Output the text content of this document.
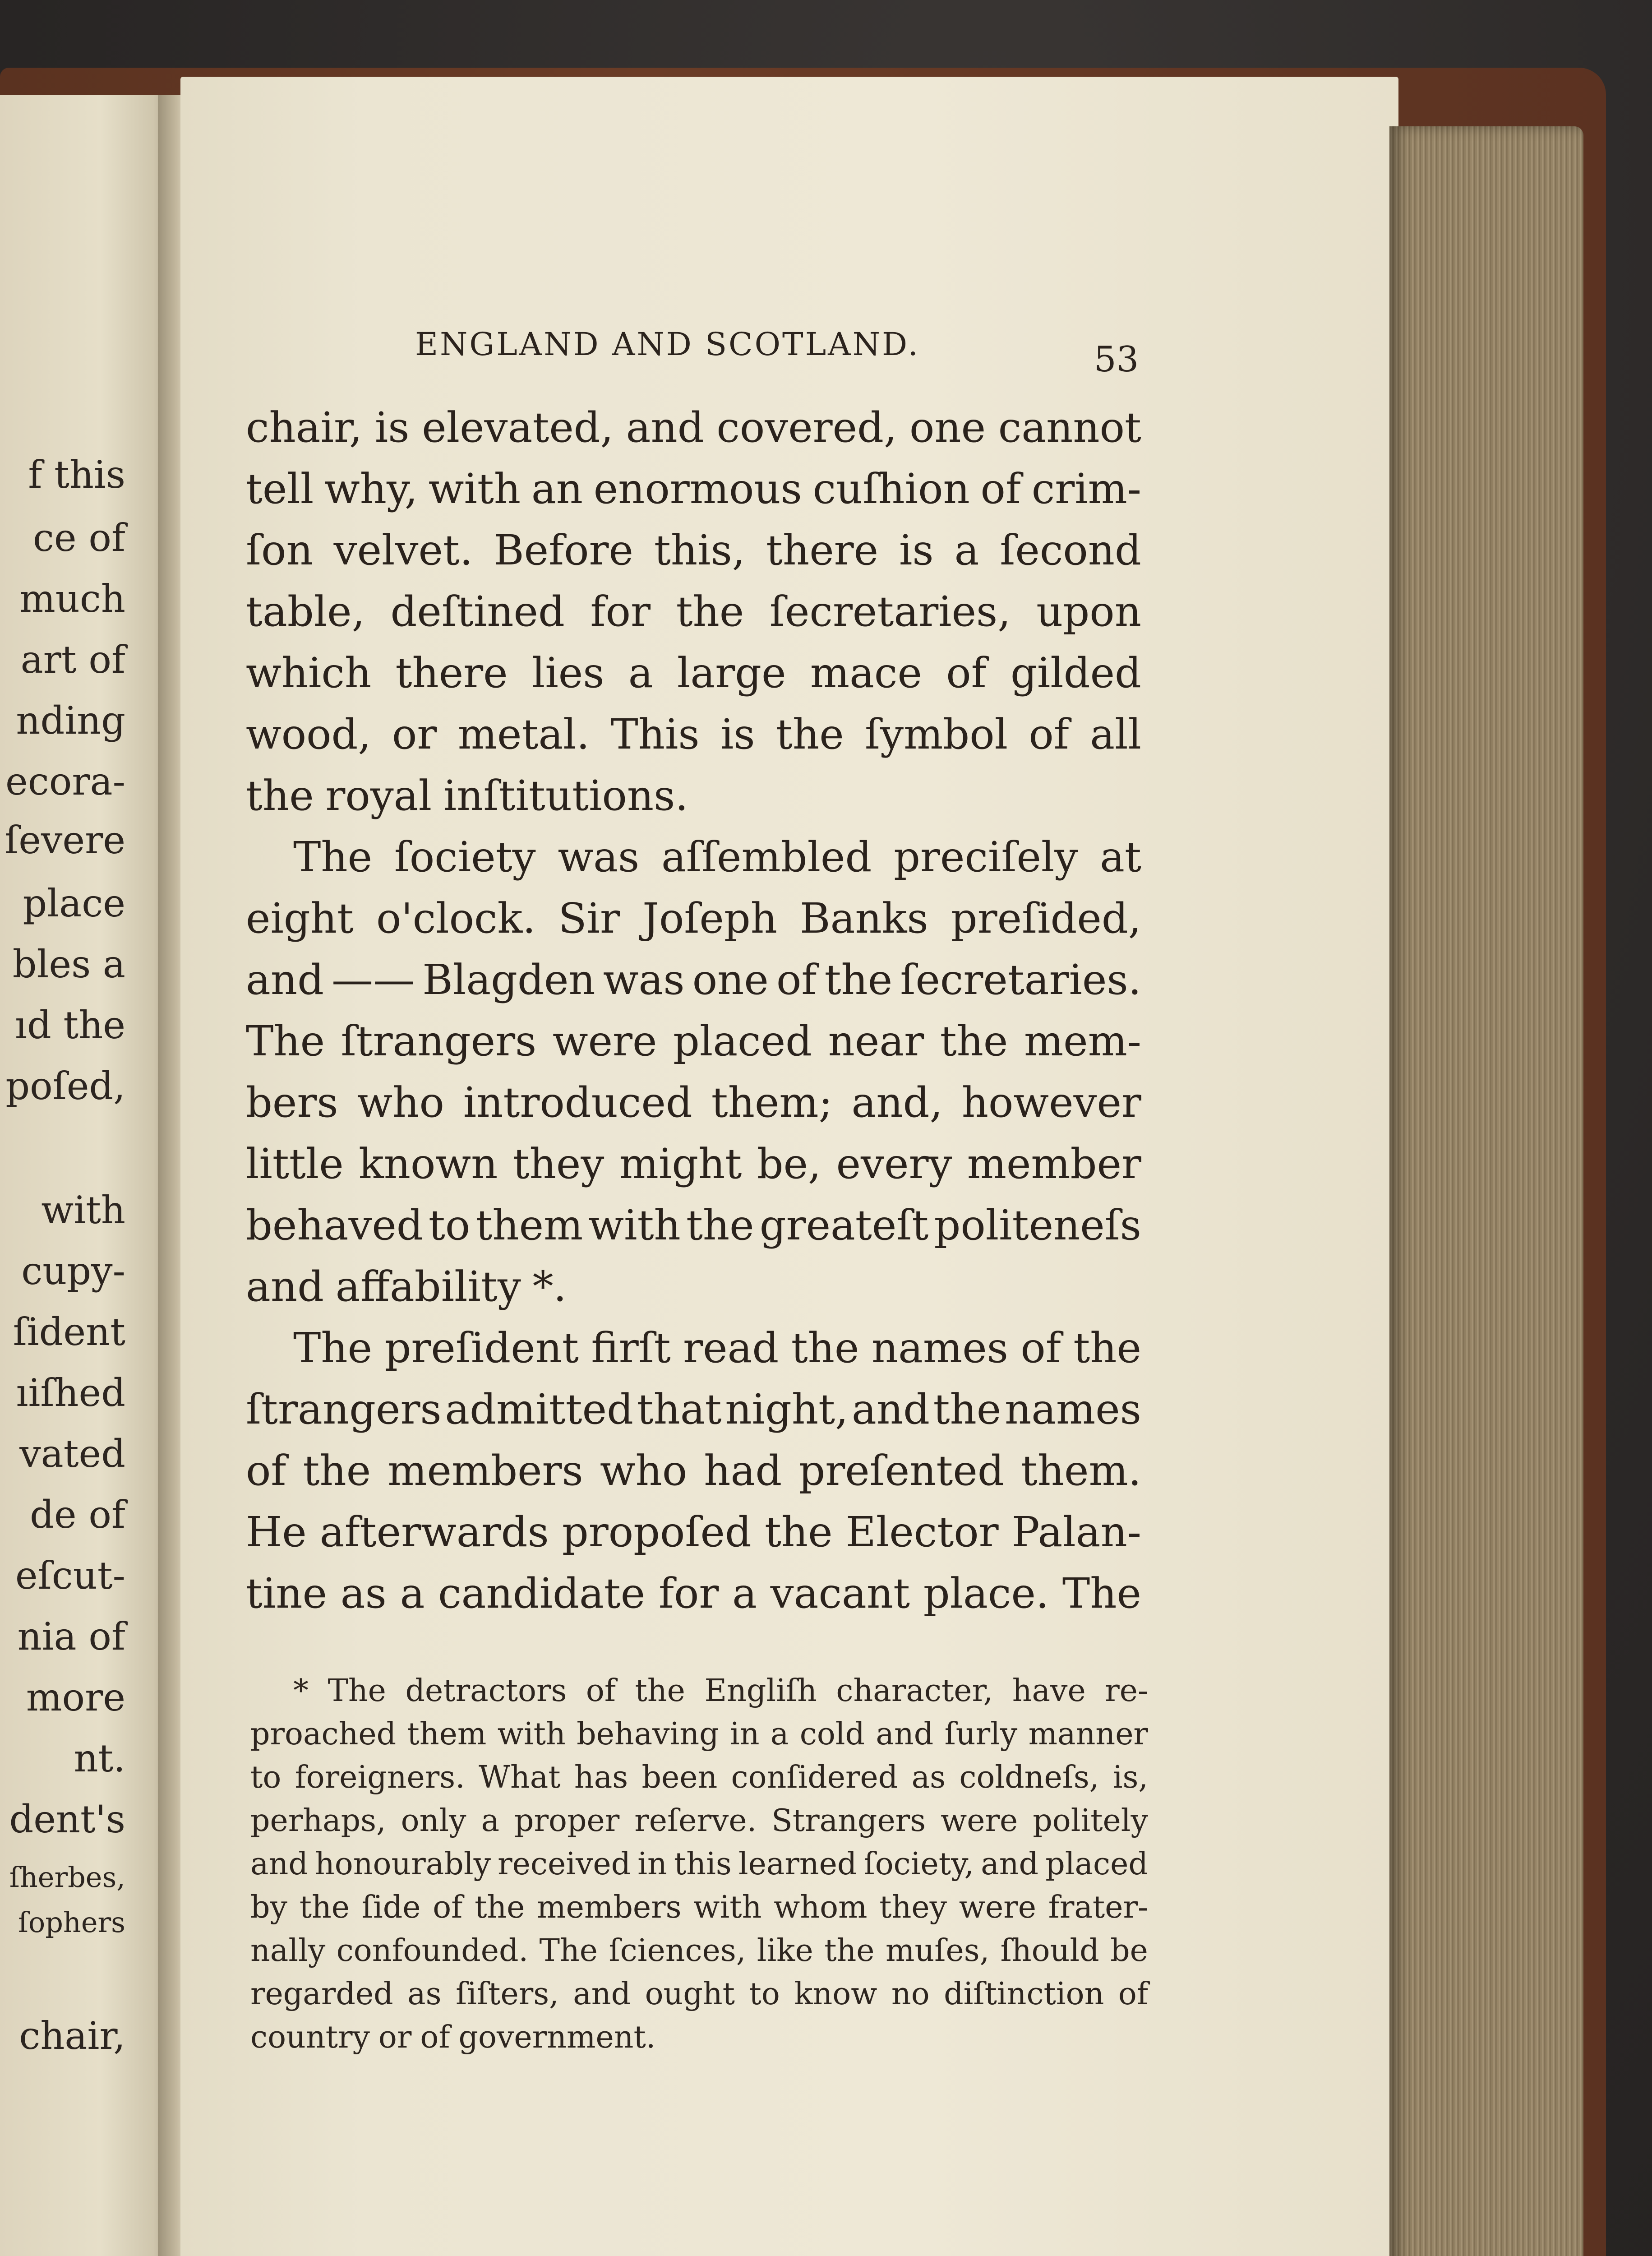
f this
ce of
much
art of
nding
ecora-
ſevere
place
bles a
ıd the
poſed,
with
cupy-
ſident
ıiſhed
vated
de of
eſcut-
nia of
more
nt.
dent's
ſherbes,
ſophers
chair,
ENGLAND AND SCOTLAND.	53
chair, is elevated, and covered, one cannot
tell why, with an enormous cuſhion of crim-
ſon velvet. Before this, there is a ſecond
table, deſtined for the ſecretaries, upon
which there lies a large mace of gilded
wood, or metal. This is the ſymbol of all
the royal inſtitutions.
The ſociety was aſſembled preciſely at
eight o'clock. Sir Joſeph Banks preſided,
and —— Blagden was one of the ſecretaries.
The ſtrangers were placed near the mem-
bers who introduced them; and, however
little known they might be, every member
behaved to them with the greateſt politeneſs
and affability *.
The preſident firſt read the names of the
ſtrangers admitted that night, and the names
of the members who had preſented them.
He afterwards propoſed the Elector Palan-
tine as a candidate for a vacant place. The
* The detractors of the Engliſh character, have re-
proached them with behaving in a cold and ſurly manner
to foreigners. What has been conſidered as coldneſs, is,
perhaps, only a proper reſerve. Strangers were politely
and honourably received in this learned ſociety, and placed
by the ſide of the members with whom they were frater-
nally confounded. The ſciences, like the muſes, ſhould be
regarded as ſiſters, and ought to know no diſtinction of
country or of government.
